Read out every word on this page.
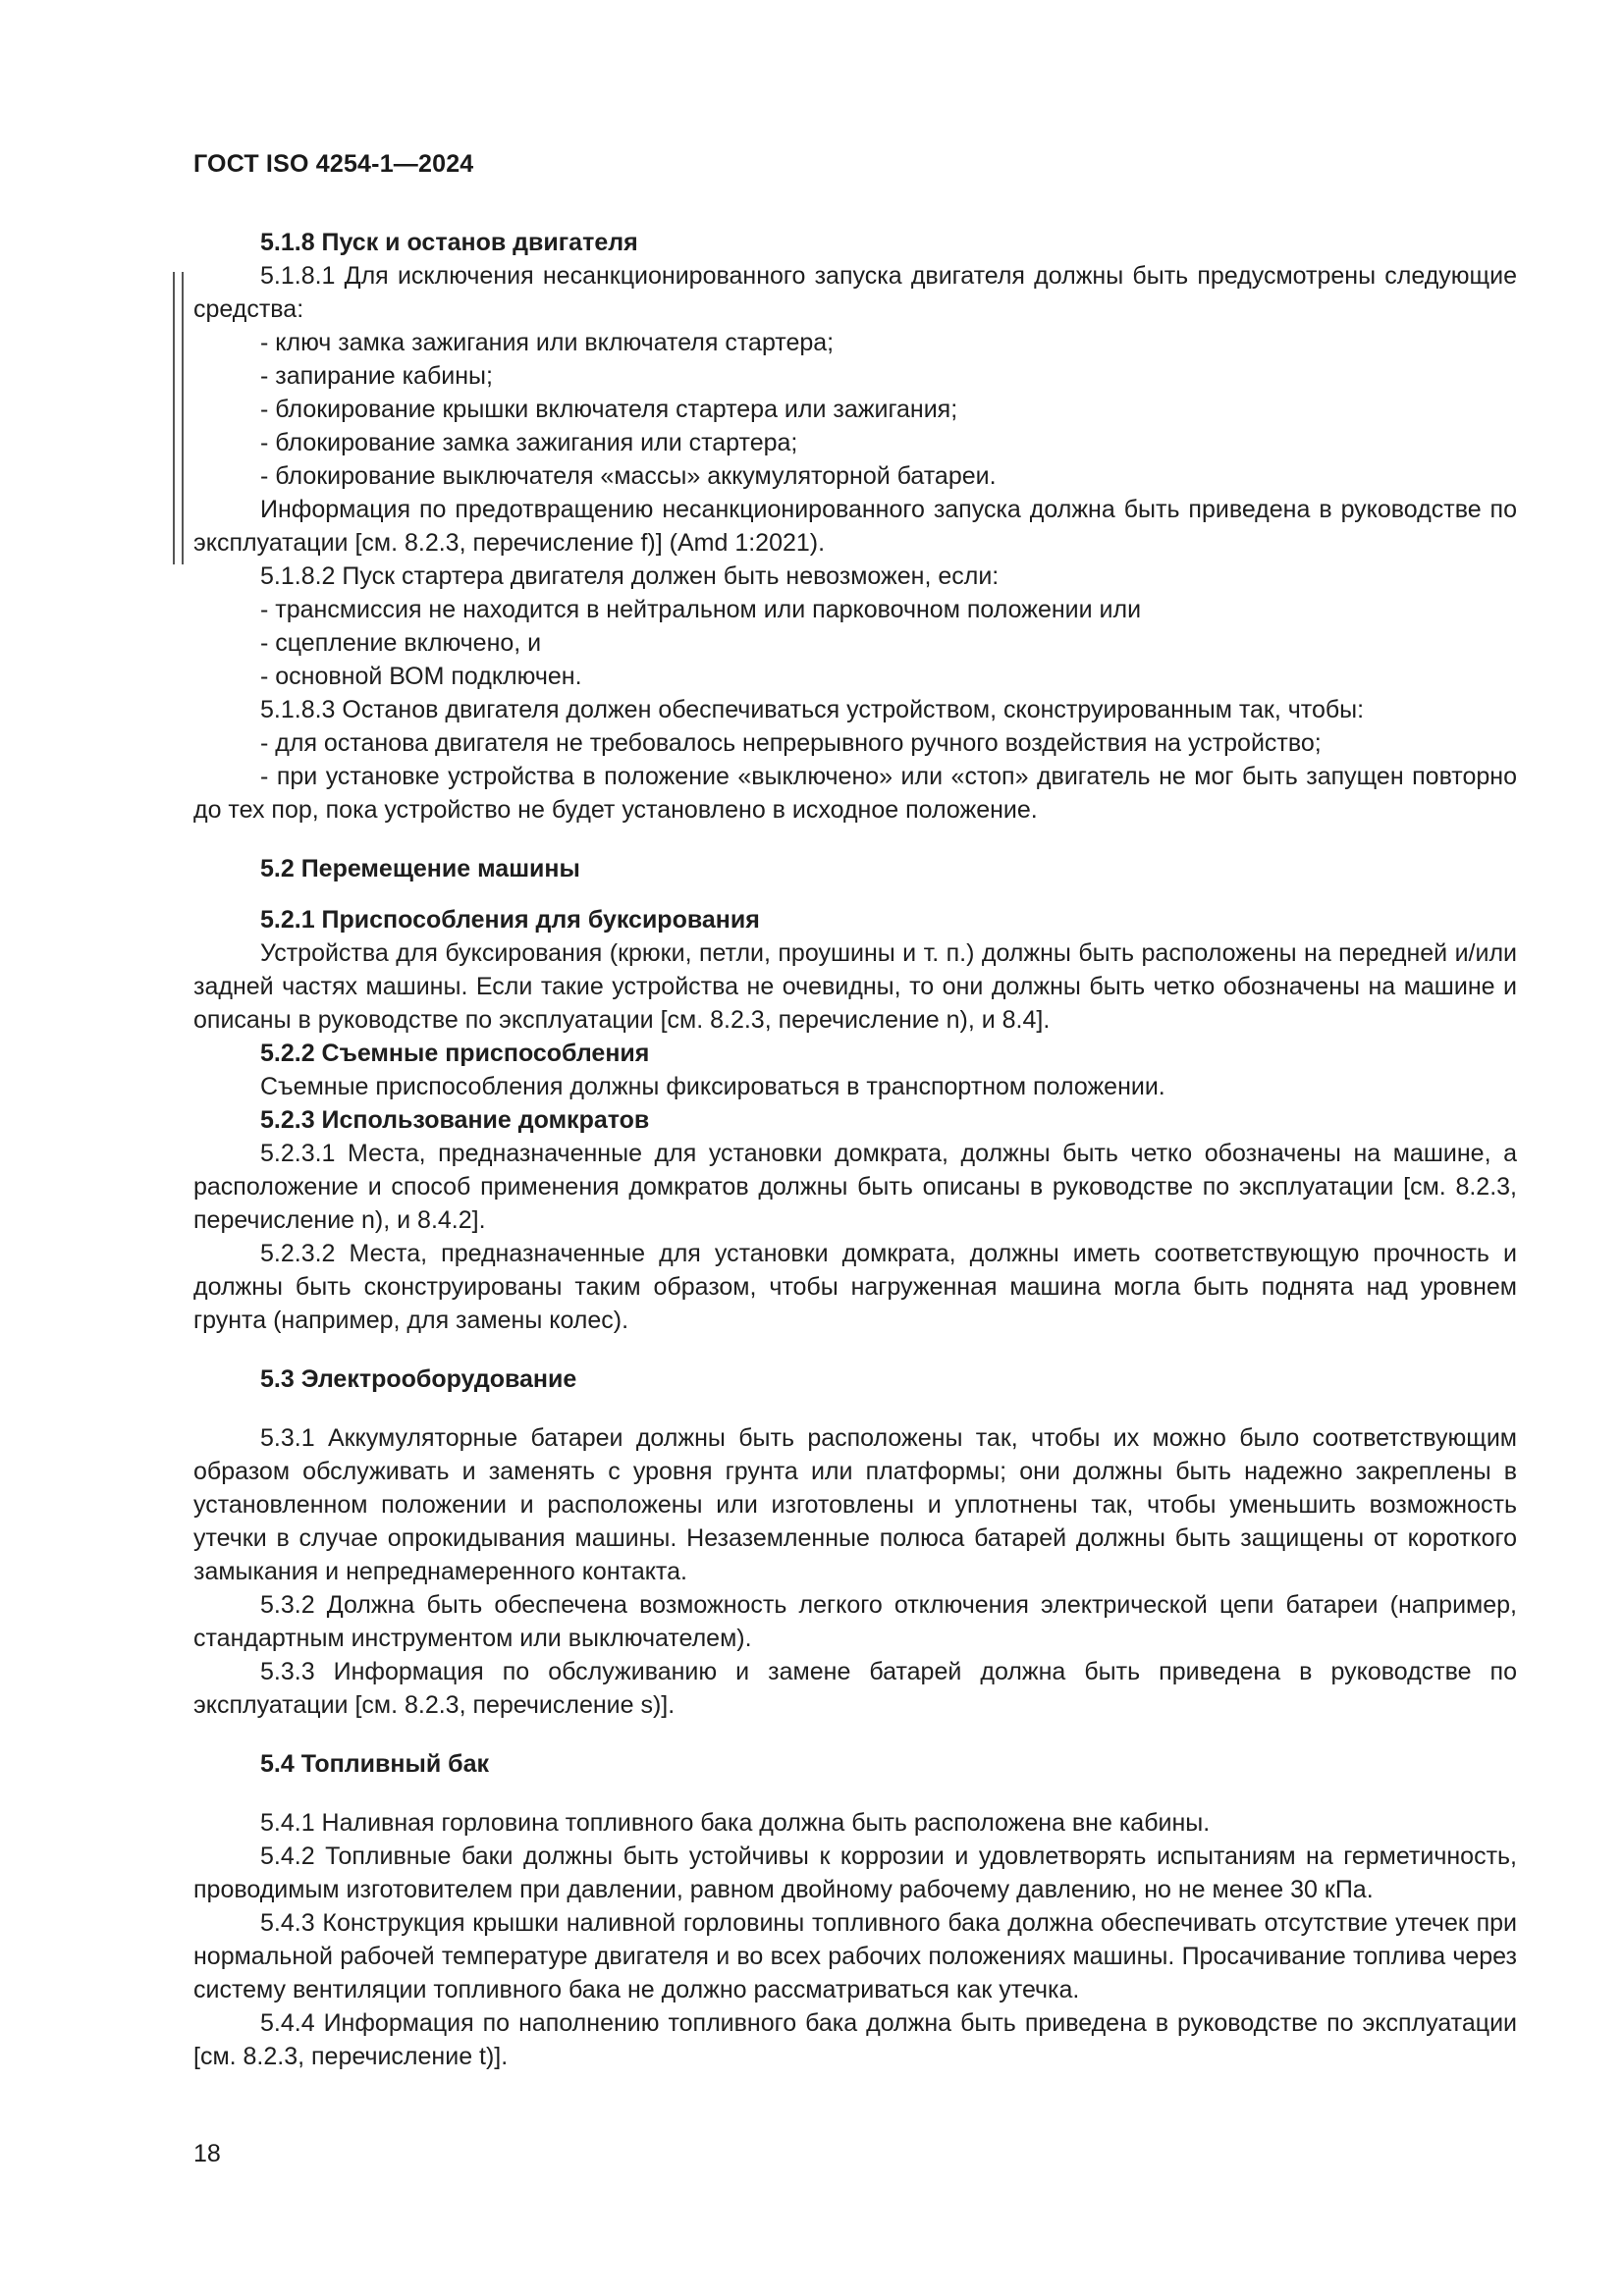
ГОСТ ISO 4254-1—2024
5.1.8 Пуск и останов двигателя

5.1.8.1 Для исключения несанкционированного запуска двигателя должны быть предусмотрены следующие средства:

- ключ замка зажигания или включателя стартера;

- запирание кабины;

- блокирование крышки включателя стартера или зажигания;

- блокирование замка зажигания или стартера;

- блокирование выключателя «массы» аккумуляторной батареи.

Информация по предотвращению несанкционированного запуска должна быть приведена в руководстве по эксплуатации [см. 8.2.3, перечисление f)] (Amd 1:2021).

5.1.8.2 Пуск стартера двигателя должен быть невозможен, если:

- трансмиссия не находится в нейтральном или парковочном положении или

- сцепление включено, и

- основной ВОМ подключен.

5.1.8.3 Останов двигателя должен обеспечиваться устройством, сконструированным так, чтобы:

- для останова двигателя не требовалось непрерывного ручного воздействия на устройство;

- при установке устройства в положение «выключено» или «стоп» двигатель не мог быть запущен повторно до тех пор, пока устройство не будет установлено в исходное положение.

5.2 Перемещение машины
5.2.1 Приспособления для буксирования

Устройства для буксирования (крюки, петли, проушины и т. п.) должны быть расположены на передней и/или задней частях машины. Если такие устройства не очевидны, то они должны быть четко обозначены на машине и описаны в руководстве по эксплуатации [см. 8.2.3, перечисление n), и 8.4].

5.2.2 Съемные приспособления

Съемные приспособления должны фиксироваться в транспортном положении.

5.2.3 Использование домкратов

5.2.3.1 Места, предназначенные для установки домкрата, должны быть четко обозначены на машине, а расположение и способ применения домкратов должны быть описаны в руководстве по эксплуатации [см. 8.2.3, перечисление n), и 8.4.2].

5.2.3.2 Места, предназначенные для установки домкрата, должны иметь соответствующую прочность и должны быть сконструированы таким образом, чтобы нагруженная машина могла быть поднята над уровнем грунта (например, для замены колес).

5.3 Электрооборудование

5.3.1 Аккумуляторные батареи должны быть расположены так, чтобы их можно было соответствующим образом обслуживать и заменять с уровня грунта или платформы; они должны быть надежно закреплены в установленном положении и расположены или изготовлены и уплотнены так, чтобы уменьшить возможность утечки в случае опрокидывания машины. Незаземленные полюса батарей должны быть защищены от короткого замыкания и непреднамеренного контакта.

5.3.2 Должна быть обеспечена возможность легкого отключения электрической цепи батареи (например, стандартным инструментом или выключателем).

5.3.3 Информация по обслуживанию и замене батарей должна быть приведена в руководстве по эксплуатации [см. 8.2.3, перечисление s)].

5.4 Топливный бак

5.4.1 Наливная горловина топливного бака должна быть расположена вне кабины.

5.4.2 Топливные баки должны быть устойчивы к коррозии и удовлетворять испытаниям на герметичность, проводимым изготовителем при давлении, равном двойному рабочему давлению, но не менее 30 кПа.

5.4.3 Конструкция крышки наливной горловины топливного бака должна обеспечивать отсутствие утечек при нормальной рабочей температуре двигателя и во всех рабочих положениях машины. Просачивание топлива через систему вентиляции топливного бака не должно рассматриваться как утечка.

5.4.4 Информация по наполнению топливного бака должна быть приведена в руководстве по эксплуатации [см. 8.2.3, перечисление t)].

18
